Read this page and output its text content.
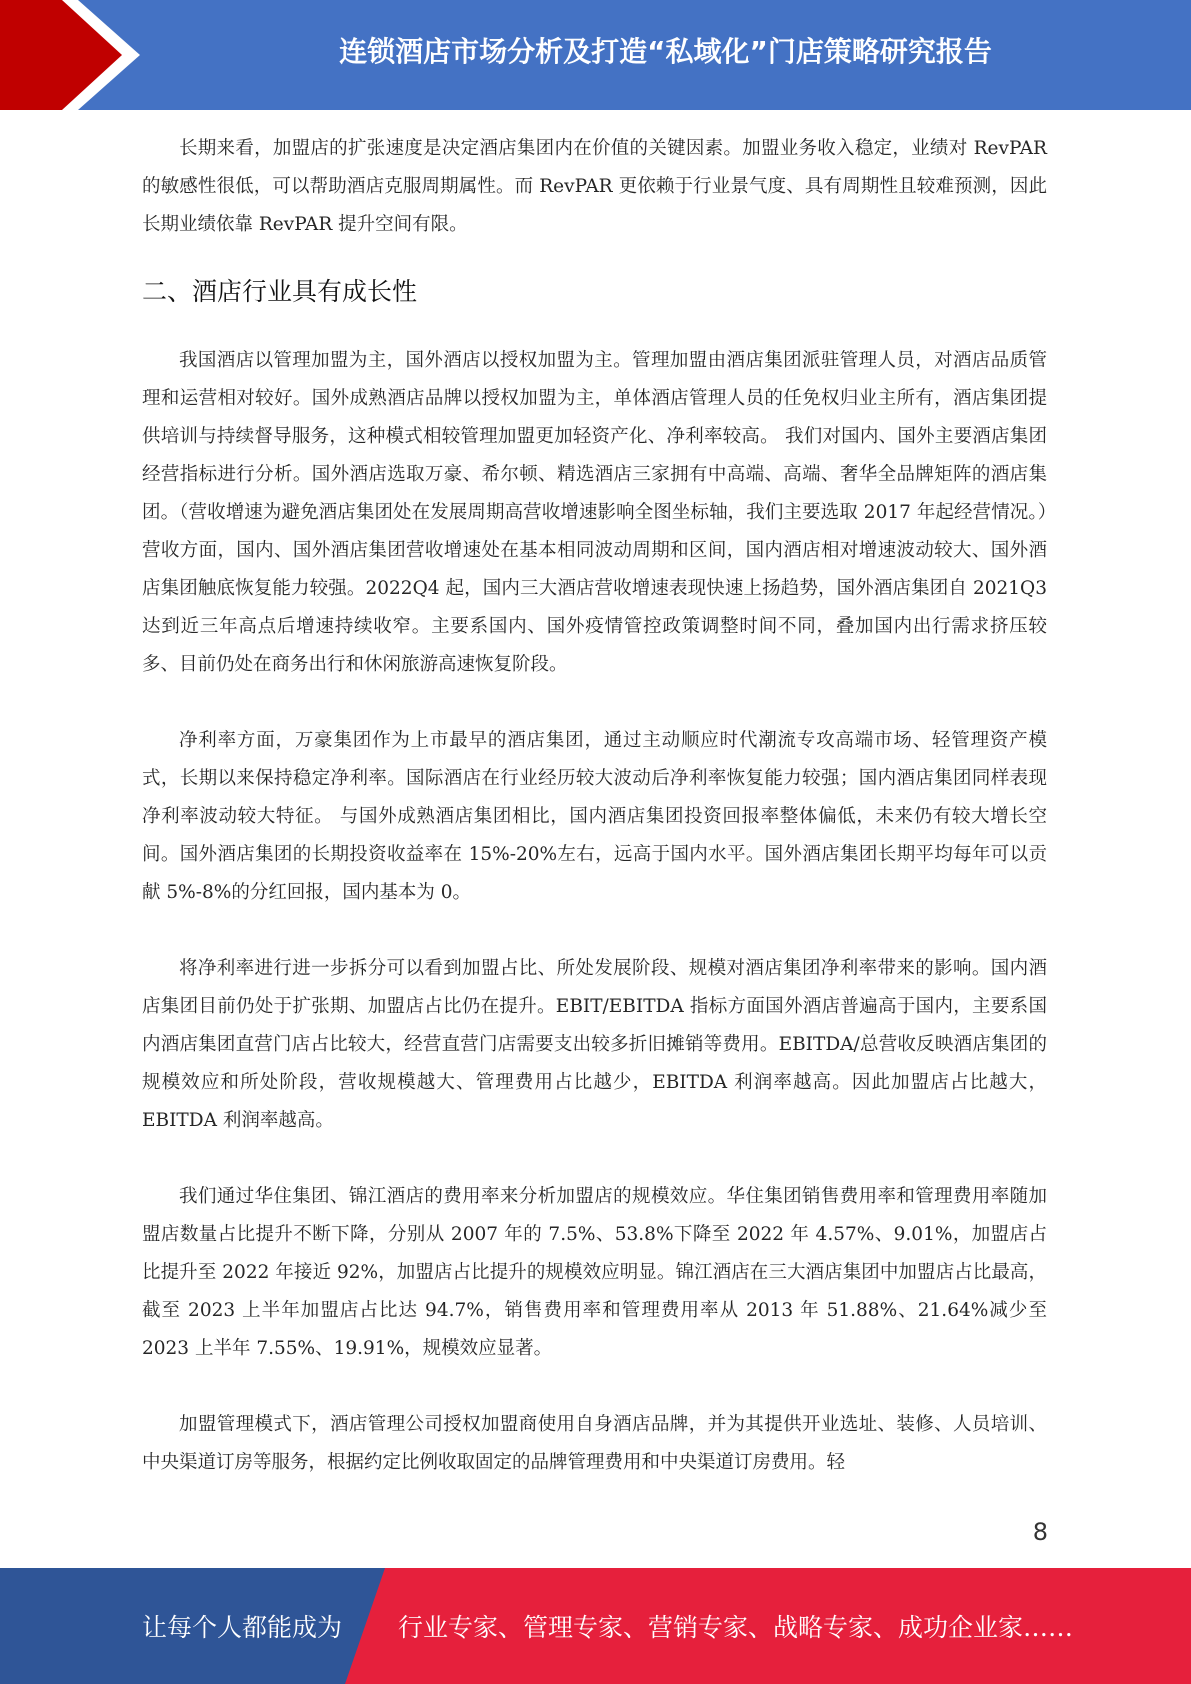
连锁酒店市场分析及打造“私域化”门店策略研究报告

长期来看，加盟店的扩张速度是决定酒店集团内在价值的关键因素。加盟业务收入稳定，业绩对 RevPAR 的敏感性很低，可以帮助酒店克服周期属性。而 RevPAR 更依赖于行业景气度、具有周期性且较难预测，因此长期业绩依靠 RevPAR 提升空间有限。

二、酒店行业具有成长性

我国酒店以管理加盟为主，国外酒店以授权加盟为主。管理加盟由酒店集团派驻管理人员，对酒店品质管理和运营相对较好。国外成熟酒店品牌以授权加盟为主，单体酒店管理人员的任免权归业主所有，酒店集团提供培训与持续督导服务，这种模式相较管理加盟更加轻资产化、净利率较高。 我们对国内、国外主要酒店集团经营指标进行分析。国外酒店选取万豪、希尔顿、精选酒店三家拥有中高端、高端、奢华全品牌矩阵的酒店集团。（营收增速为避免酒店集团处在发展周期高营收增速影响全图坐标轴，我们主要选取 2017 年起经营情况。）营收方面，国内、国外酒店集团营收增速处在基本相同波动周期和区间，国内酒店相对增速波动较大、国外酒店集团触底恢复能力较强。2022Q4 起，国内三大酒店营收增速表现快速上扬趋势，国外酒店集团自 2021Q3 达到近三年高点后增速持续收窄。主要系国内、国外疫情管控政策调整时间不同，叠加国内出行需求挤压较多、目前仍处在商务出行和休闲旅游高速恢复阶段。

净利率方面，万豪集团作为上市最早的酒店集团，通过主动顺应时代潮流专攻高端市场、轻管理资产模式，长期以来保持稳定净利率。国际酒店在行业经历较大波动后净利率恢复能力较强；国内酒店集团同样表现净利率波动较大特征。 与国外成熟酒店集团相比，国内酒店集团投资回报率整体偏低，未来仍有较大增长空间。国外酒店集团的长期投资收益率在 15%-20%左右，远高于国内水平。国外酒店集团长期平均每年可以贡献 5%-8%的分红回报，国内基本为 0。

将净利率进行进一步拆分可以看到加盟占比、所处发展阶段、规模对酒店集团净利率带来的影响。国内酒店集团目前仍处于扩张期、加盟店占比仍在提升。EBIT/EBITDA 指标方面国外酒店普遍高于国内，主要系国内酒店集团直营门店占比较大，经营直营门店需要支出较多折旧摊销等费用。EBITDA/总营收反映酒店集团的规模效应和所处阶段，营收规模越大、管理费用占比越少，EBITDA 利润率越高。因此加盟店占比越大，EBITDA 利润率越高。

我们通过华住集团、锦江酒店的费用率来分析加盟店的规模效应。华住集团销售费用率和管理费用率随加盟店数量占比提升不断下降，分别从 2007 年的 7.5%、53.8%下降至 2022 年 4.57%、9.01%，加盟店占比提升至 2022 年接近 92%，加盟店占比提升的规模效应明显。锦江酒店在三大酒店集团中加盟店占比最高，截至 2023 上半年加盟店占比达 94.7%，销售费用率和管理费用率从 2013 年 51.88%、21.64%减少至 2023 上半年 7.55%、19.91%，规模效应显著。

加盟管理模式下，酒店管理公司授权加盟商使用自身酒店品牌，并为其提供开业选址、装修、人员培训、中央渠道订房等服务，根据约定比例收取固定的品牌管理费用和中央渠道订房费用。轻

8
让每个人都能成为 行业专家、管理专家、营销专家、战略专家、成功企业家……
